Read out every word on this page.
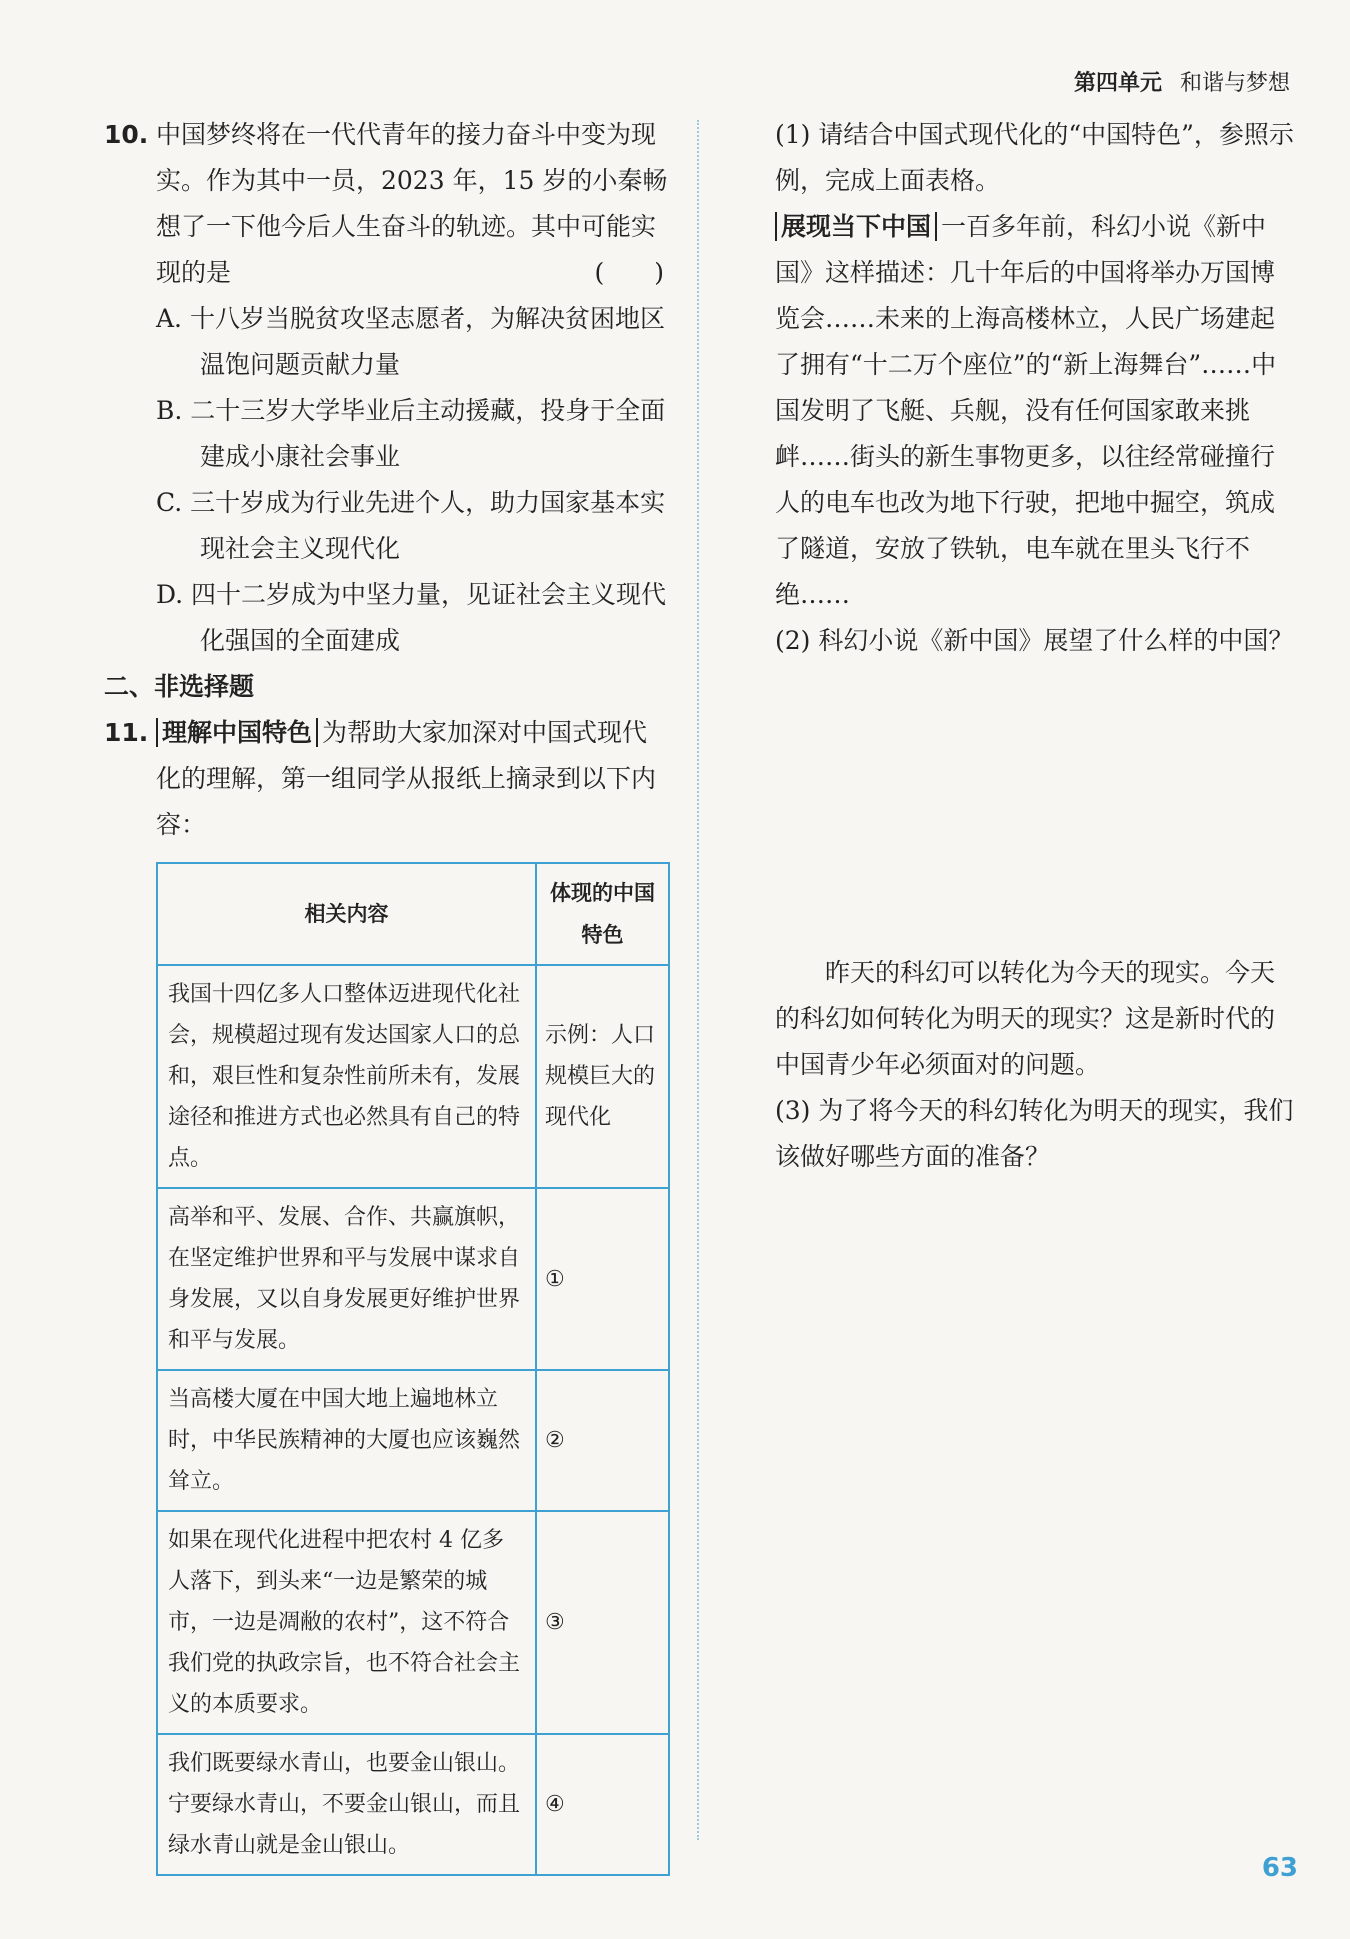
第四单元 和谐与梦想
10. 中国梦终将在一代代青年的接力奋斗中变为现实。作为其中一员，2023 年，15 岁的小秦畅想了一下他今后人生奋斗的轨迹。其中可能实现的是	(　　)
A. 十八岁当脱贫攻坚志愿者，为解决贫困地区温饱问题贡献力量
B. 二十三岁大学毕业后主动援藏，投身于全面建成小康社会事业
C. 三十岁成为行业先进个人，助力国家基本实现社会主义现代化
D. 四十二岁成为中坚力量，见证社会主义现代化强国的全面建成
二、非选择题
11. 理解中国特色 为帮助大家加深对中国式现代化的理解，第一组同学从报纸上摘录到以下内容：
相关内容	体现的中国特色
我国十四亿多人口整体迈进现代化社会，规模超过现有发达国家人口的总和，艰巨性和复杂性前所未有，发展途径和推进方式也必然具有自己的特点。	示例：人口规模巨大的现代化
高举和平、发展、合作、共赢旗帜，在坚定维护世界和平与发展中谋求自身发展，又以自身发展更好维护世界和平与发展。	①
当高楼大厦在中国大地上遍地林立时，中华民族精神的大厦也应该巍然耸立。	②
如果在现代化进程中把农村 4 亿多人落下，到头来“一边是繁荣的城市，一边是凋敝的农村”，这不符合我们党的执政宗旨，也不符合社会主义的本质要求。	③
我们既要绿水青山，也要金山银山。宁要绿水青山，不要金山银山，而且绿水青山就是金山银山。	④
(1) 请结合中国式现代化的“中国特色”，参照示例，完成上面表格。
展现当下中国 一百多年前，科幻小说《新中国》这样描述：几十年后的中国将举办万国博览会……未来的上海高楼林立，人民广场建起了拥有“十二万个座位”的“新上海舞台”……中国发明了飞艇、兵舰，没有任何国家敢来挑衅……街头的新生事物更多，以往经常碰撞行人的电车也改为地下行驶，把地中掘空，筑成了隧道，安放了铁轨，电车就在里头飞行不绝……
(2) 科幻小说《新中国》展望了什么样的中国？
昨天的科幻可以转化为今天的现实。今天的科幻如何转化为明天的现实？这是新时代的中国青少年必须面对的问题。
(3) 为了将今天的科幻转化为明天的现实，我们该做好哪些方面的准备？
63
